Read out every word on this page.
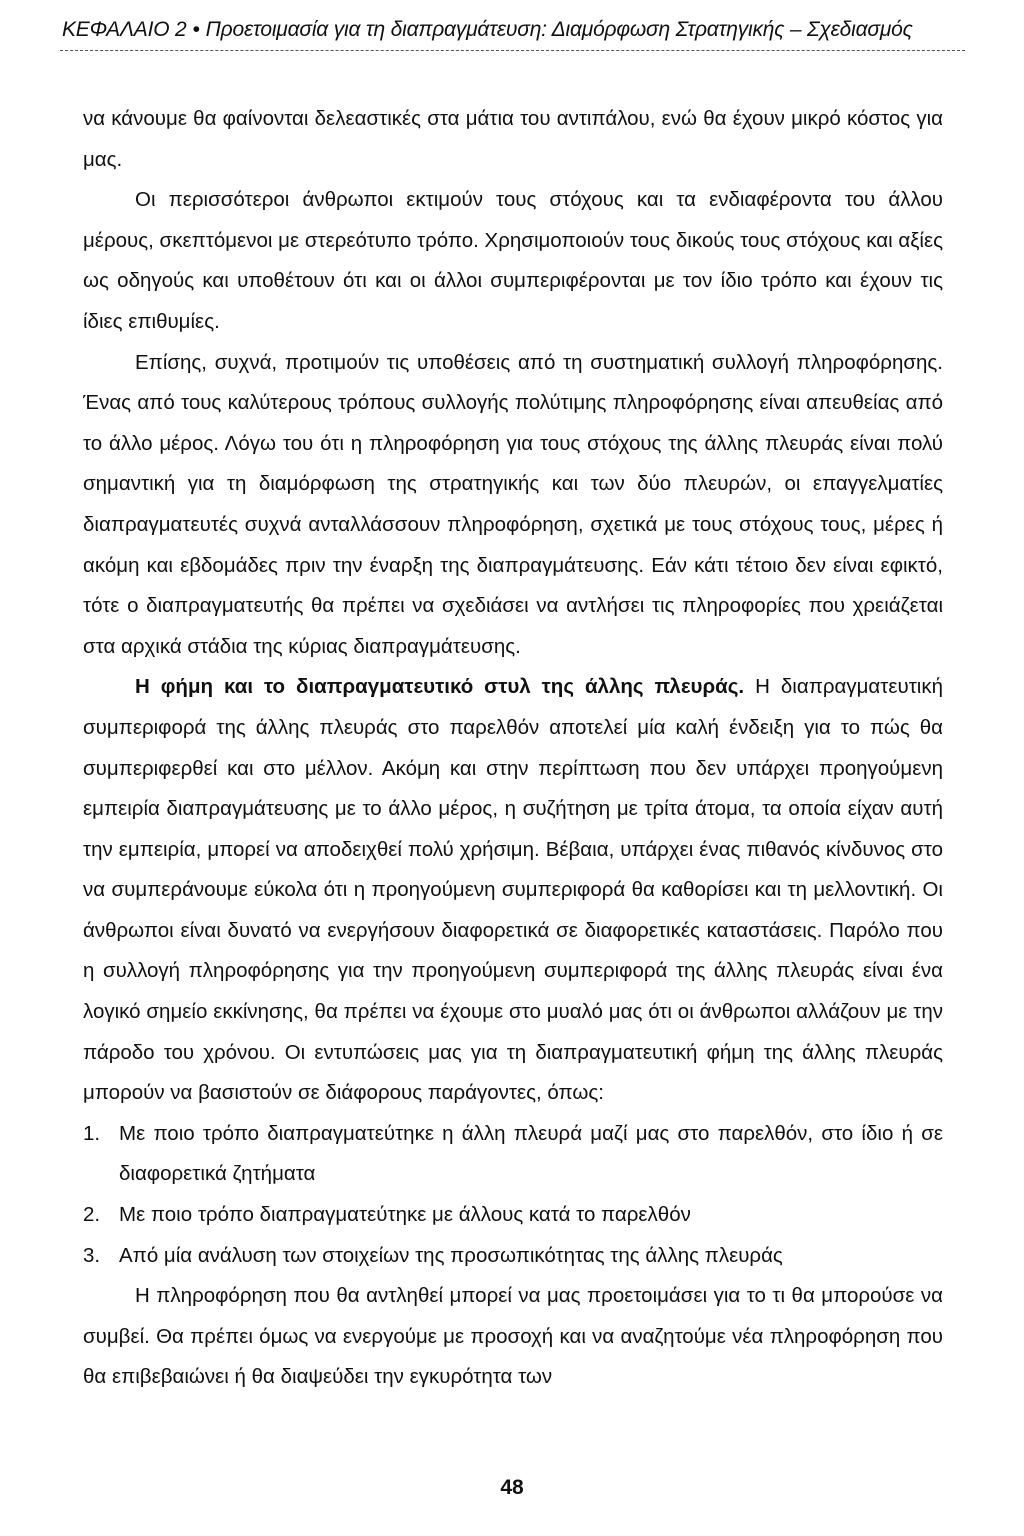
ΚΕΦΑΛΑΙΟ 2 • Προετοιμασία για τη διαπραγμάτευση: Διαμόρφωση Στρατηγικής – Σχεδιασμός

να κάνουμε θα φαίνονται δελεαστικές στα μάτια του αντιπάλου, ενώ θα έχουν μικρό κόστος για μας.

Οι περισσότεροι άνθρωποι εκτιμούν τους στόχους και τα ενδιαφέροντα του άλλου μέρους, σκεπτόμενοι με στερεότυπο τρόπο. Χρησιμοποιούν τους δικούς τους στόχους και αξίες ως οδηγούς και υποθέτουν ότι και οι άλλοι συμπεριφέρονται με τον ίδιο τρόπο και έχουν τις ίδιες επιθυμίες.

Επίσης, συχνά, προτιμούν τις υποθέσεις από τη συστηματική συλλογή πληροφόρησης. Ένας από τους καλύτερους τρόπους συλλογής πολύτιμης πληροφόρησης είναι απευθείας από το άλλο μέρος. Λόγω του ότι η πληροφόρηση για τους στόχους της άλλης πλευράς είναι πολύ σημαντική για τη διαμόρφωση της στρατηγικής και των δύο πλευρών, οι επαγγελματίες διαπραγματευτές συχνά ανταλλάσσουν πληροφόρηση, σχετικά με τους στόχους τους, μέρες ή ακόμη και εβδομάδες πριν την έναρξη της διαπραγμάτευσης. Εάν κάτι τέτοιο δεν είναι εφικτό, τότε ο διαπραγματευτής θα πρέπει να σχεδιάσει να αντλήσει τις πληροφορίες που χρειάζεται στα αρχικά στάδια της κύριας διαπραγμάτευσης.

Η φήμη και το διαπραγματευτικό στυλ της άλλης πλευράς. Η διαπραγματευτική συμπεριφορά της άλλης πλευράς στο παρελθόν αποτελεί μία καλή ένδειξη για το πώς θα συμπεριφερθεί και στο μέλλον. Ακόμη και στην περίπτωση που δεν υπάρχει προηγούμενη εμπειρία διαπραγμάτευσης με το άλλο μέρος, η συζήτηση με τρίτα άτομα, τα οποία είχαν αυτή την εμπειρία, μπορεί να αποδειχθεί πολύ χρήσιμη. Βέβαια, υπάρχει ένας πιθανός κίνδυνος στο να συμπεράνουμε εύκολα ότι η προηγούμενη συμπεριφορά θα καθορίσει και τη μελλοντική. Οι άνθρωποι είναι δυνατό να ενεργήσουν διαφορετικά σε διαφορετικές καταστάσεις. Παρόλο που η συλλογή πληροφόρησης για την προηγούμενη συμπεριφορά της άλλης πλευράς είναι ένα λογικό σημείο εκκίνησης, θα πρέπει να έχουμε στο μυαλό μας ότι οι άνθρωποι αλλάζουν με την πάροδο του χρόνου. Οι εντυπώσεις μας για τη διαπραγματευτική φήμη της άλλης πλευράς μπορούν να βασιστούν σε διάφορους παράγοντες, όπως:

1. Με ποιο τρόπο διαπραγματεύτηκε η άλλη πλευρά μαζί μας στο παρελθόν, στο ίδιο ή σε διαφορετικά ζητήματα
2. Με ποιο τρόπο διαπραγματεύτηκε με άλλους κατά το παρελθόν
3. Από μία ανάλυση των στοιχείων της προσωπικότητας της άλλης πλευράς

Η πληροφόρηση που θα αντληθεί μπορεί να μας προετοιμάσει για το τι θα μπορούσε να συμβεί. Θα πρέπει όμως να ενεργούμε με προσοχή και να αναζητούμε νέα πληροφόρηση που θα επιβεβαιώνει ή θα διαψεύδει την εγκυρότητα των

48
